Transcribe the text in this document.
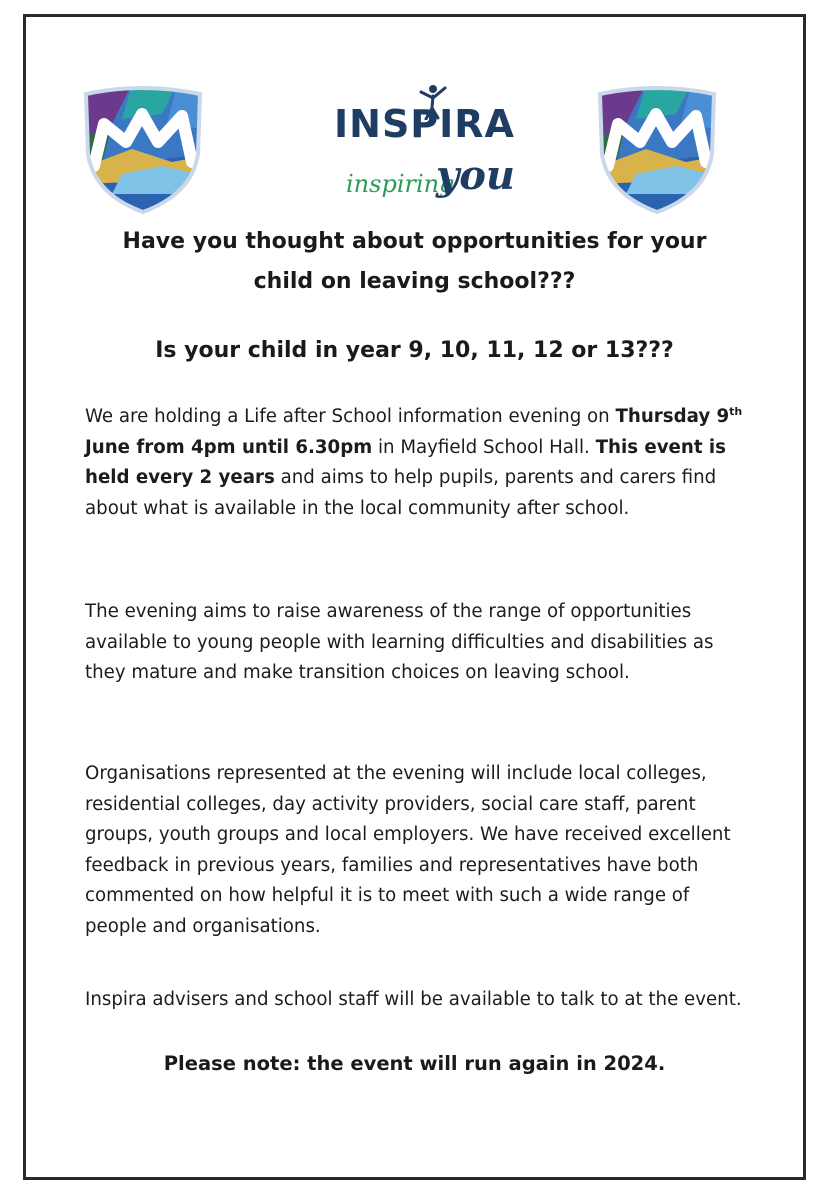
INSPIRA
inspiring
you

Have you thought about opportunities for your

child on leaving school???

Is your child in year 9, 10, 11, 12 or 13???

We are holding a Life after School information evening on Thursday 9th June from 4pm until 6.30pm in Mayfield School Hall. This event is held every 2 years and aims to help pupils, parents and carers find about what is available in the local community after school.

The evening aims to raise awareness of the range of opportunities available to young people with learning difficulties and disabilities as they mature and make transition choices on leaving school.

Organisations represented at the evening will include local colleges, residential colleges, day activity providers, social care staff, parent groups, youth groups and local employers. We have received excellent feedback in previous years, families and representatives have both commented on how helpful it is to meet with such a wide range of people and organisations.

Inspira advisers and school staff will be available to talk to at the event.

Please note: the event will run again in 2024.
